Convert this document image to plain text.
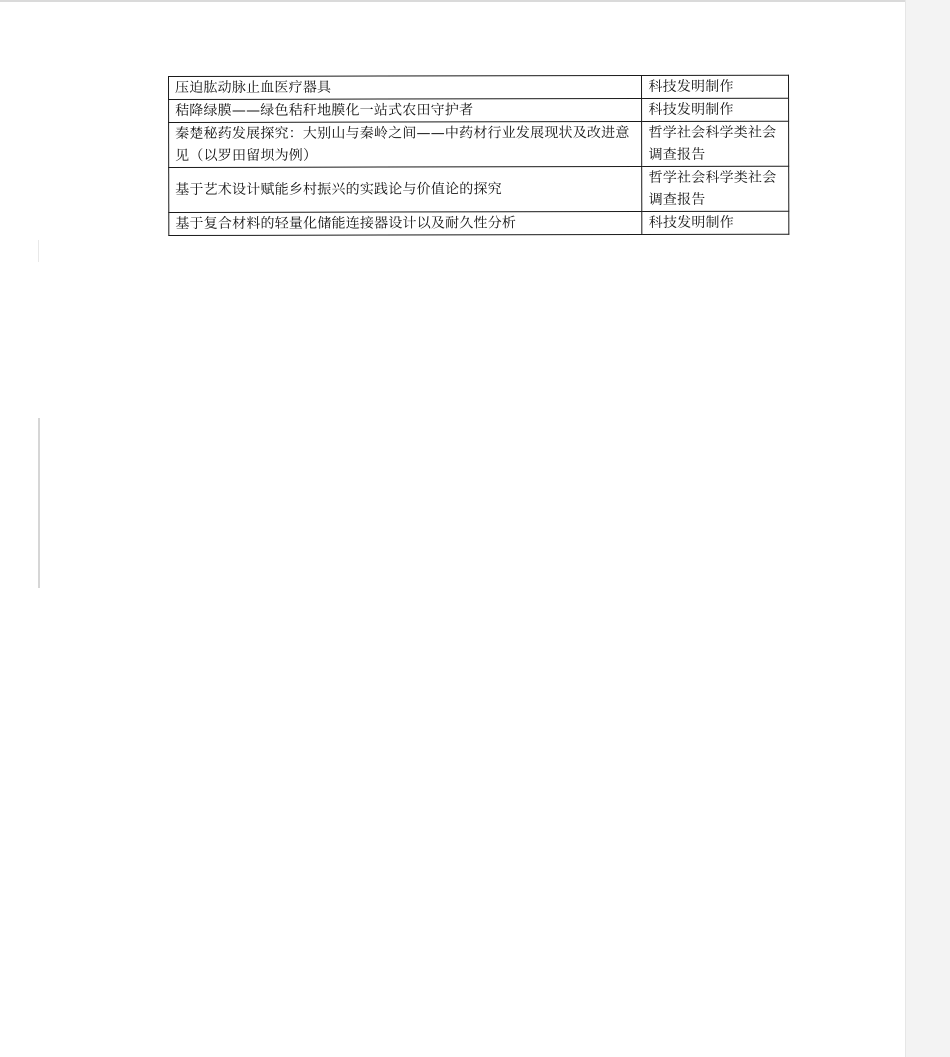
压迫肱动脉止血医疗器具	科技发明制作
秸降绿膜——绿色秸秆地膜化一站式农田守护者	科技发明制作
秦楚秘药发展探究：大别山与秦岭之间——中药材行业发展现状及改进意见（以罗田留坝为例）	哲学社会科学类社会调查报告
基于艺术设计赋能乡村振兴的实践论与价值论的探究	哲学社会科学类社会调查报告
基于复合材料的轻量化储能连接器设计以及耐久性分析	科技发明制作
